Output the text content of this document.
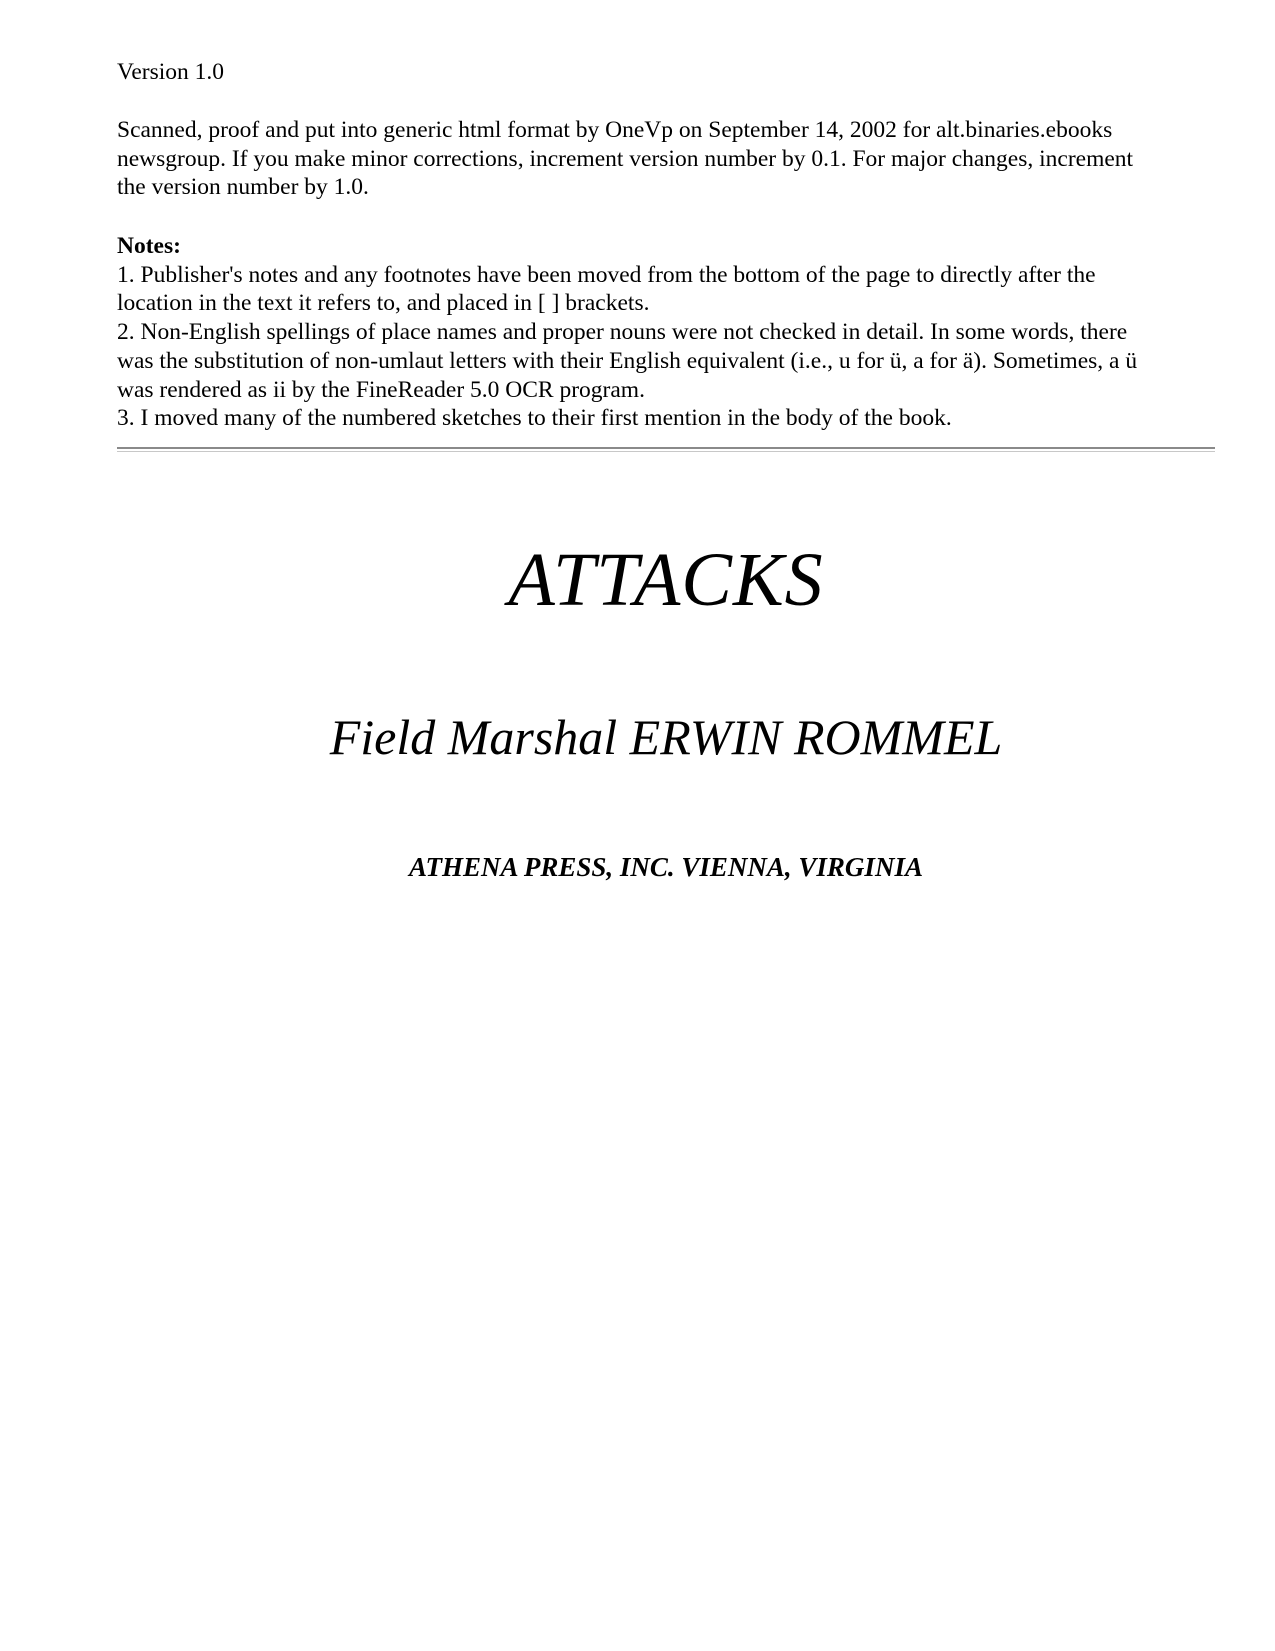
Version 1.0
Scanned, proof and put into generic html format by OneVp on September 14, 2002 for alt.binaries.ebooks
newsgroup. If you make minor corrections, increment version number by 0.1. For major changes, increment
the version number by 1.0.
Notes:
1. Publisher's notes and any footnotes have been moved from the bottom of the page to directly after the
location in the text it refers to, and placed in [ ] brackets.
2. Non-English spellings of place names and proper nouns were not checked in detail. In some words, there
was the substitution of non-umlaut letters with their English equivalent (i.e., u for ü, a for ä). Sometimes, a ü
was rendered as ii by the FineReader 5.0 OCR program.
3. I moved many of the numbered sketches to their first mention in the body of the book.
ATTACKS
Field Marshal ERWIN ROMMEL
ATHENA PRESS, INC. VIENNA, VIRGINIA
